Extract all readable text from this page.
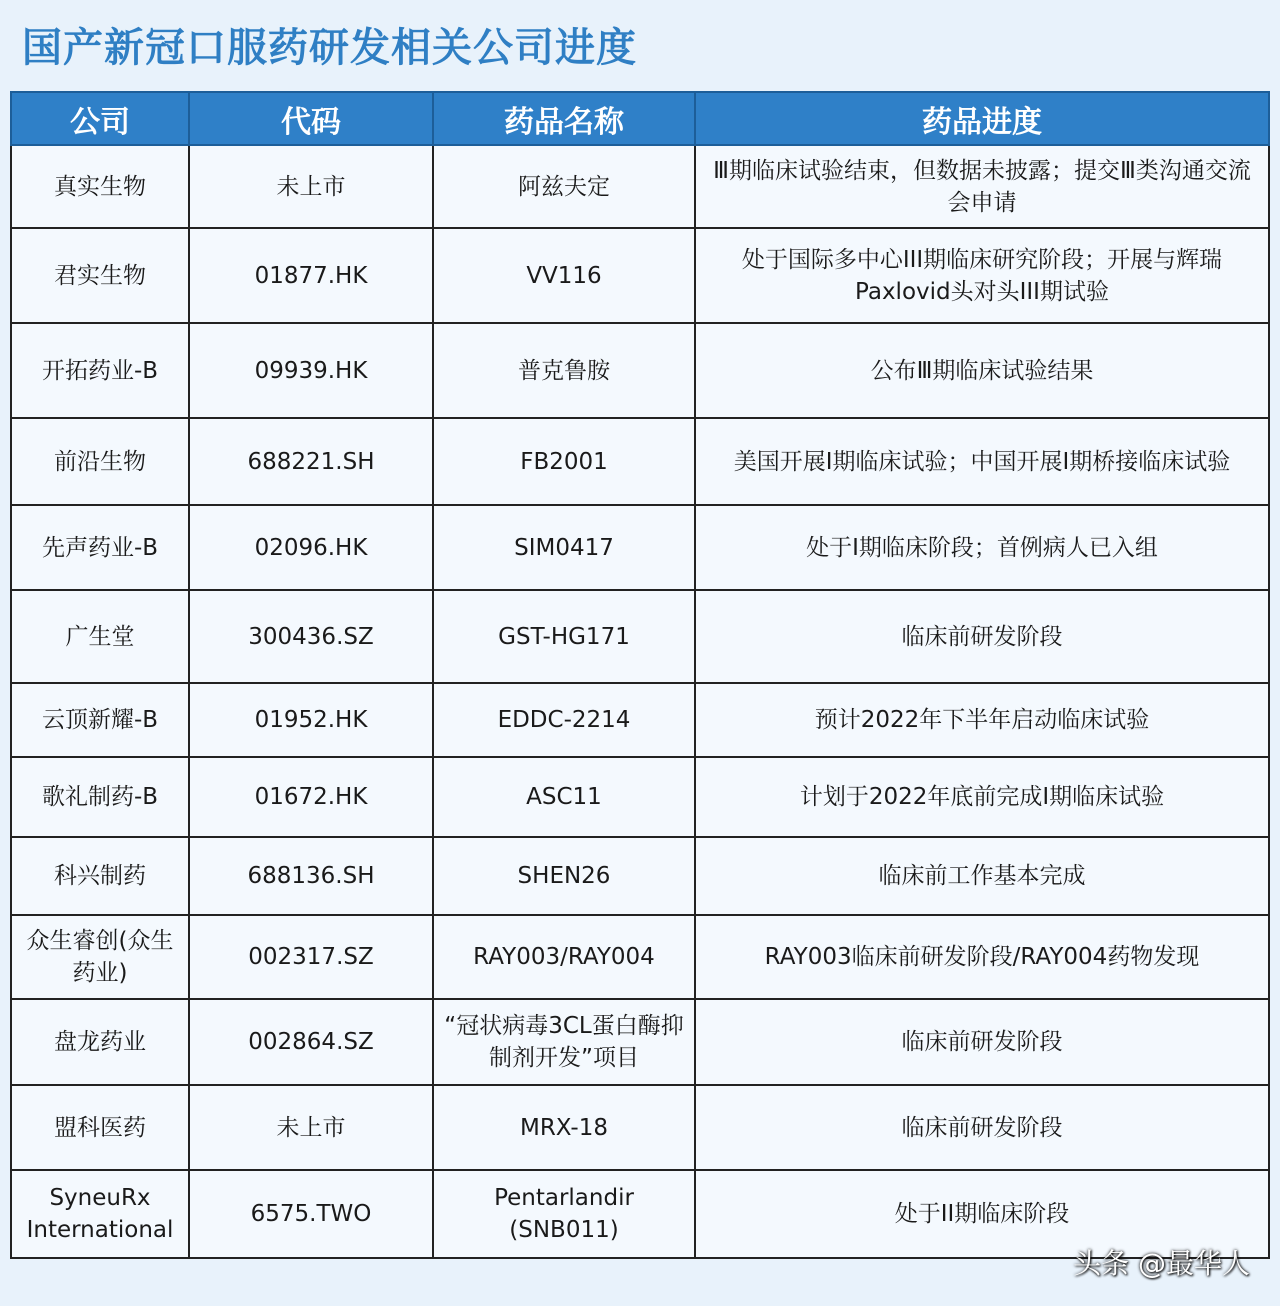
国产新冠口服药研发相关公司进度
公司	代码	药品名称	药品进度
真实生物	未上市	阿兹夫定	Ⅲ期临床试验结束，但数据未披露；提交Ⅲ类沟通交流会申请
君实生物	01877.HK	VV116	处于国际多中心III期临床研究阶段；开展与辉瑞Paxlovid头对头III期试验
开拓药业-B	09939.HK	普克鲁胺	公布Ⅲ期临床试验结果
前沿生物	688221.SH	FB2001	美国开展I期临床试验；中国开展I期桥接临床试验
先声药业-B	02096.HK	SIM0417	处于I期临床阶段；首例病人已入组
广生堂	300436.SZ	GST-HG171	临床前研发阶段
云顶新耀-B	01952.HK	EDDC-2214	预计2022年下半年启动临床试验
歌礼制药-B	01672.HK	ASC11	计划于2022年底前完成I期临床试验
科兴制药	688136.SH	SHEN26	临床前工作基本完成
众生睿创(众生药业)	002317.SZ	RAY003/RAY004	RAY003临床前研发阶段/RAY004药物发现
盘龙药业	002864.SZ	“冠状病毒3CL蛋白酶抑制剂开发”项目	临床前研发阶段
盟科医药	未上市	MRX-18	临床前研发阶段
SyneuRx International	6575.TWO	Pentarlandir (SNB011)	处于II期临床阶段
头条 @最华人
